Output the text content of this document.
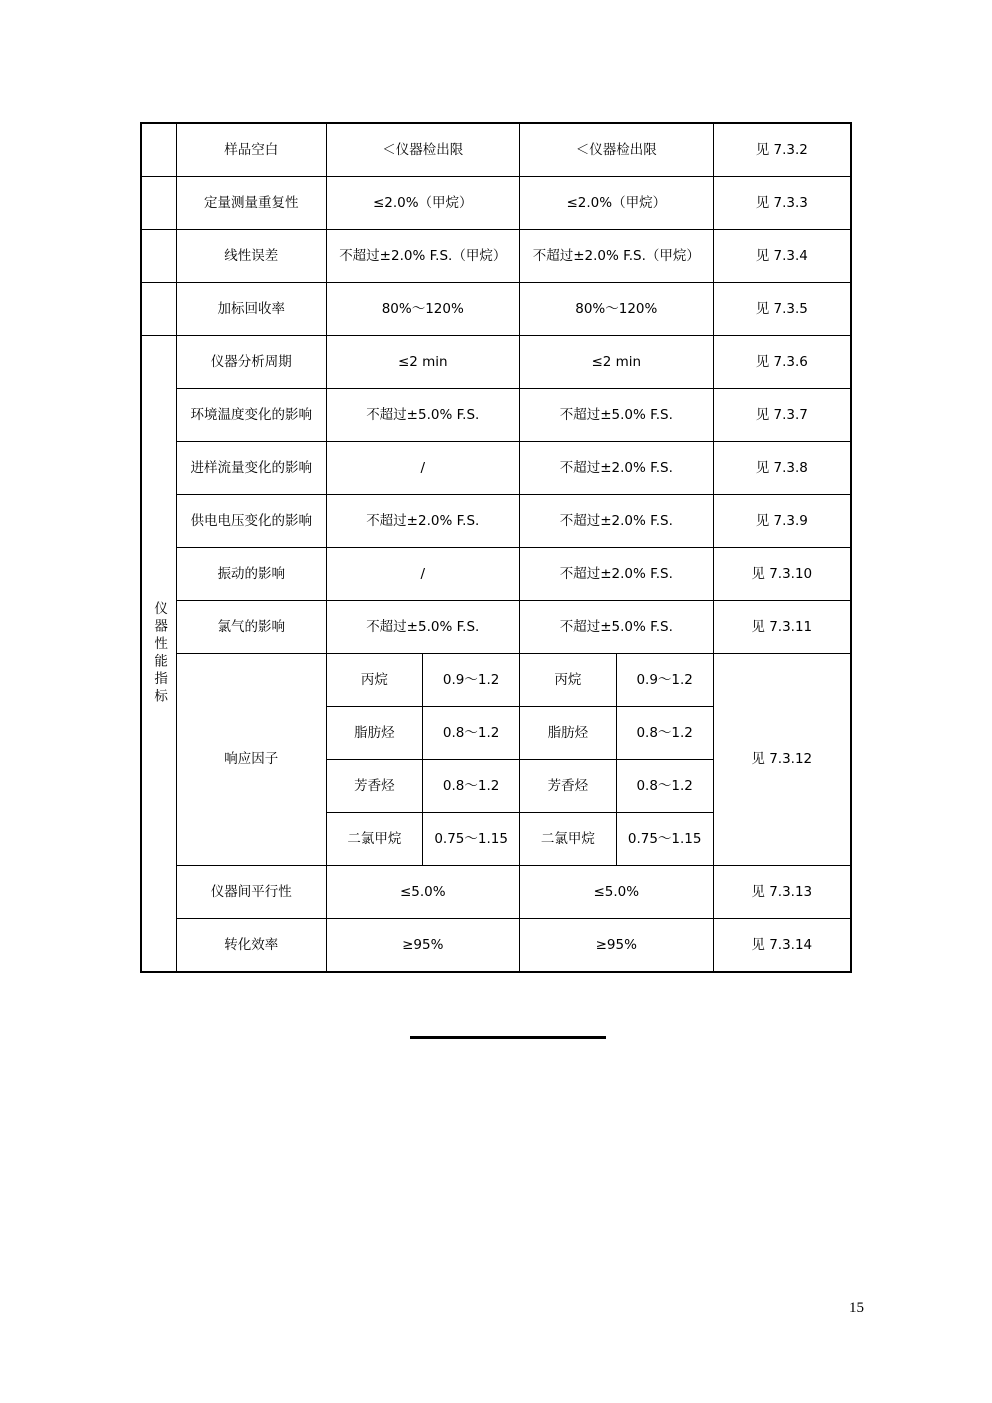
	样品空白	＜仪器检出限		＜仪器检出限		见 7.3.2
	定量测量重复性	≤2.0%（甲烷）		≤2.0%（甲烷）		见 7.3.3
	线性误差	不超过±2.0% F.S.（甲烷）		不超过±2.0% F.S.（甲烷）		见 7.3.4
	加标回收率	80%～120%		80%～120%		见 7.3.5

仪器性能指标	仪器分析周期	≤2 min		≤2 min		见 7.3.6
	环境温度变化的影响	不超过±5.0% F.S.		不超过±5.0% F.S.		见 7.3.7
	进样流量变化的影响	/		不超过±2.0% F.S.		见 7.3.8
	供电电压变化的影响	不超过±2.0% F.S.		不超过±2.0% F.S.		见 7.3.9
	振动的影响	/		不超过±2.0% F.S.		见 7.3.10
	氯气的影响	不超过±5.0% F.S.		不超过±5.0% F.S.		见 7.3.11
	响应因子	丙烷	0.9～1.2	丙烷	0.9～1.2	见 7.3.12
		脂肪烃	0.8～1.2	脂肪烃	0.8～1.2	
		芳香烃	0.8～1.2	芳香烃	0.8～1.2	
		二氯甲烷	0.75～1.15	二氯甲烷	0.75～1.15	
	仪器间平行性	≤5.0%		≤5.0%		见 7.3.13
	转化效率	≥95%		≥95%		见 7.3.14
15
